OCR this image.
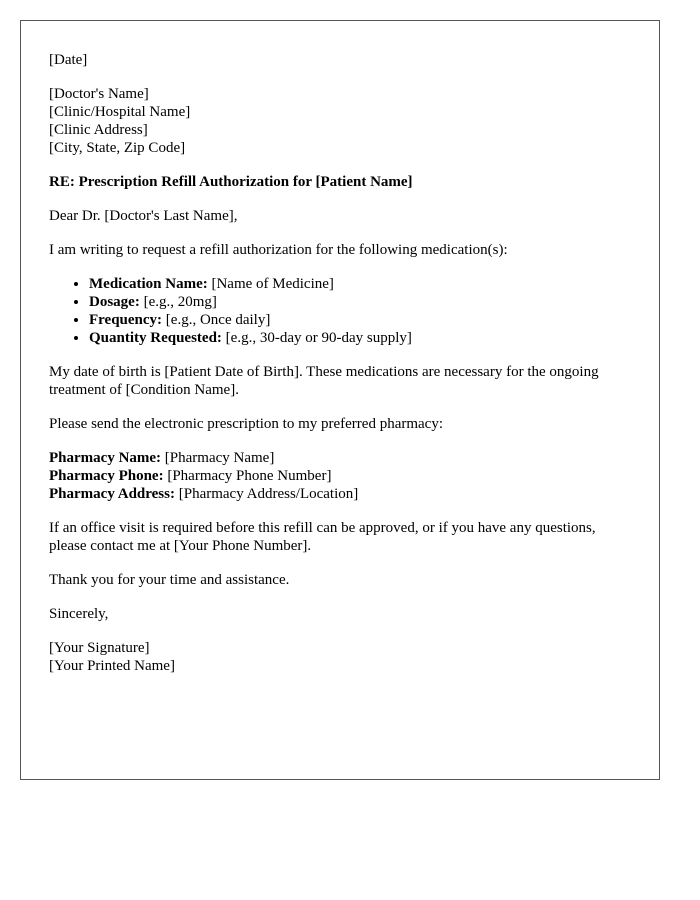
[Date]

[Doctor's Name]
[Clinic/Hospital Name]
[Clinic Address]
[City, State, Zip Code]

RE: Prescription Refill Authorization for [Patient Name]

Dear Dr. [Doctor's Last Name],

I am writing to request a refill authorization for the following medication(s):

• Medication Name: [Name of Medicine]
• Dosage: [e.g., 20mg]
• Frequency: [e.g., Once daily]
• Quantity Requested: [e.g., 30-day or 90-day supply]

My date of birth is [Patient Date of Birth]. These medications are necessary for the ongoing treatment of [Condition Name].

Please send the electronic prescription to my preferred pharmacy:

Pharmacy Name: [Pharmacy Name]
Pharmacy Phone: [Pharmacy Phone Number]
Pharmacy Address: [Pharmacy Address/Location]

If an office visit is required before this refill can be approved, or if you have any questions, please contact me at [Your Phone Number].

Thank you for your time and assistance.

Sincerely,

[Your Signature]
[Your Printed Name]
